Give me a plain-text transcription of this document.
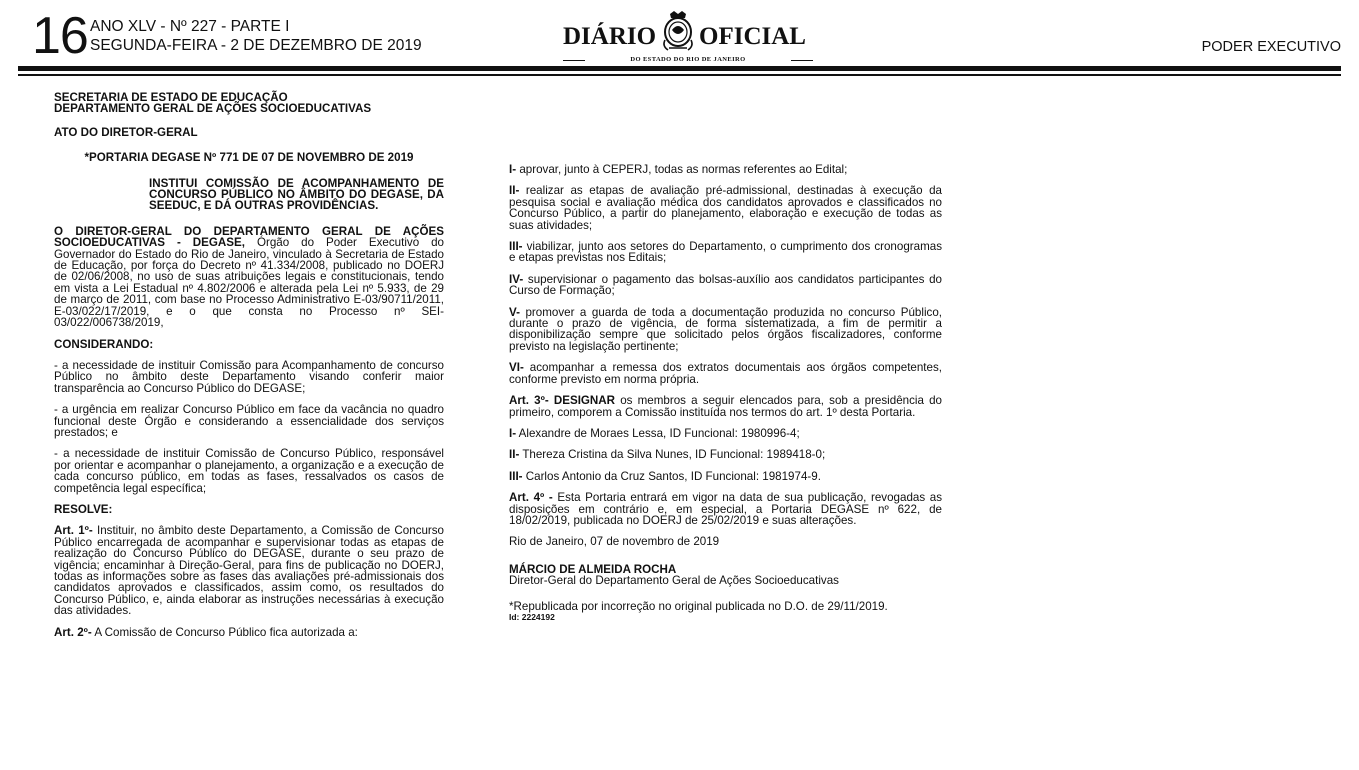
16 ANO XLV - Nº 227 - PARTE I
SEGUNDA-FEIRA - 2 DE DEZEMBRO DE 2019	DIÁRIO OFICIAL
DO ESTADO DO RIO DE JANEIRO
PODER EXECUTIVO

SECRETARIA DE ESTADO DE EDUCAÇÃO

DEPARTAMENTO GERAL DE AÇÕES SOCIOEDUCATIVAS

ATO DO DIRETOR-GERAL

*PORTARIA DEGASE Nº 771 DE 07 DE NOVEMBRO DE 2019

INSTITUI COMISSÃO DE ACOMPANHAMENTO DE CONCURSO PÚBLICO NO ÂMBITO DO DEGASE, DA SEEDUC, E DÁ OUTRAS PROVIDÊNCIAS.

O DIRETOR-GERAL DO DEPARTAMENTO GERAL DE AÇÕES SOCIOEDUCATIVAS - DEGASE, Órgão do Poder Executivo do Governador do Estado do Rio de Janeiro, vinculado à Secretaria de Estado de Educação, por força do Decreto nº 41.334/2008, publicado no DOERJ de 02/06/2008, no uso de suas atribuições legais e constitucionais, tendo em vista a Lei Estadual nº 4.802/2006 e alterada pela Lei nº 5.933, de 29 de março de 2011, com base no Processo Administrativo E-03/90711/2011, E-03/022/17/2019, e o que consta no Processo nº SEI-03/022/006738/2019,

CONSIDERANDO:

- a necessidade de instituir Comissão para Acompanhamento de concurso Público no âmbito deste Departamento visando conferir maior transparência ao Concurso Público do DEGASE;

- a urgência em realizar Concurso Público em face da vacância no quadro funcional deste Órgão e considerando a essencialidade dos serviços prestados; e

- a necessidade de instituir Comissão de Concurso Público, responsável por orientar e acompanhar o planejamento, a organização e a execução de cada concurso público, em todas as fases, ressalvados os casos de competência legal específica;

RESOLVE:

Art. 1º- Instituir, no âmbito deste Departamento, a Comissão de Concurso Público encarregada de acompanhar e supervisionar todas as etapas de realização do Concurso Público do DEGASE, durante o seu prazo de vigência; encaminhar à Direção-Geral, para fins de publicação no DOERJ, todas as informações sobre as fases das avaliações pré-admissionais dos candidatos aprovados e classificados, assim como, os resultados do Concurso Público, e, ainda elaborar as instruções necessárias à execução das atividades.

Art. 2º- A Comissão de Concurso Público fica autorizada a:

I- aprovar, junto à CEPERJ, todas as normas referentes ao Edital;

II- realizar as etapas de avaliação pré-admissional, destinadas à execução da pesquisa social e avaliação médica dos candidatos aprovados e classificados no Concurso Público, a partir do planejamento, elaboração e execução de todas as suas atividades;

III- viabilizar, junto aos setores do Departamento, o cumprimento dos cronogramas e etapas previstas nos Editais;

IV- supervisionar o pagamento das bolsas-auxílio aos candidatos participantes do Curso de Formação;

V- promover a guarda de toda a documentação produzida no concurso Público, durante o prazo de vigência, de forma sistematizada, a fim de permitir a disponibilização sempre que solicitado pelos órgãos fiscalizadores, conforme previsto na legislação pertinente;

VI- acompanhar a remessa dos extratos documentais aos órgãos competentes, conforme previsto em norma própria.

Art. 3º- DESIGNAR os membros a seguir elencados para, sob a presidência do primeiro, comporem a Comissão instituída nos termos do art. 1º desta Portaria.

I- Alexandre de Moraes Lessa, ID Funcional: 1980996-4;

II- Thereza Cristina da Silva Nunes, ID Funcional: 1989418-0;

III- Carlos Antonio da Cruz Santos, ID Funcional: 1981974-9.

Art. 4º - Esta Portaria entrará em vigor na data de sua publicação, revogadas as disposições em contrário e, em especial, a Portaria DEGASE nº 622, de 18/02/2019, publicada no DOERJ de 25/02/2019 e suas alterações.

Rio de Janeiro, 07 de novembro de 2019

MÁRCIO DE ALMEIDA ROCHA

Diretor-Geral do Departamento Geral de Ações Socioeducativas

*Republicada por incorreção no original publicada no D.O. de 29/11/2019.

Id: 2224192
